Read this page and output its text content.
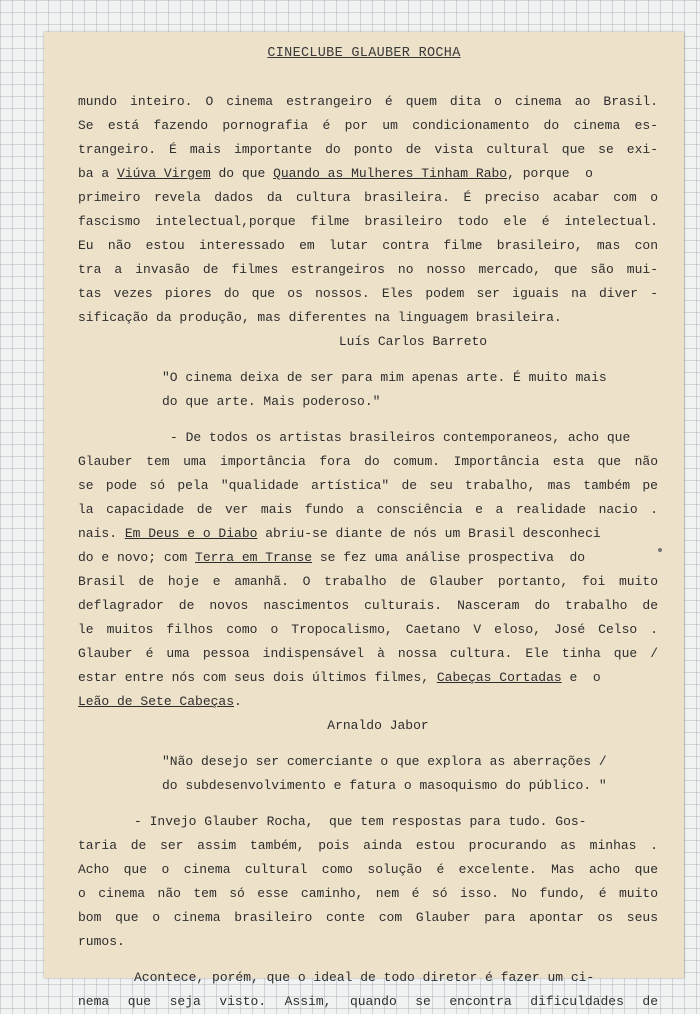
CINECLUBE GLAUBER ROCHA
mundo inteiro. O cinema estrangeiro é quem dita o cinema ao Brasil.
Se está fazendo pornografia é por um condicionamento do cinema es-
trangeiro. É mais importante do ponto de vista cultural que se exi-
ba a Viúva Virgem do que Quando as Mulheres Tinham Rabo, porque  o
primeiro revela dados da cultura brasileira. É preciso acabar com o
fascismo intelectual,porque filme brasileiro todo ele é intelectual.
Eu não estou interessado em lutar contra filme brasileiro, mas con
tra a invasão de filmes estrangeiros no nosso mercado, que são mui-
tas vezes piores do que os nossos. Eles podem ser iguais na diver -
sificação da produção, mas diferentes na linguagem brasileira.
Luís Carlos Barreto
"O cinema deixa de ser para mim apenas arte. É muito mais
do que arte. Mais poderoso."
- De todos os artistas brasileiros contemporaneos, acho que
Glauber tem uma importância fora do comum. Importância esta que não
se pode só pela "qualidade artística" de seu trabalho, mas também pe
la capacidade de ver mais fundo a consciência e a realidade nacio .
nais. Em Deus e o Diabo abriu-se diante de nós um Brasil desconheci
do e novo; com Terra em Transe se fez uma análise prospectiva  do
Brasil de hoje e amanhã. O trabalho de Glauber portanto, foi muito
deflagrador de novos nascimentos culturais. Nasceram do trabalho de
le muitos filhos como o Tropocalismo, Caetano V eloso, José Celso .
Glauber é uma pessoa indispensável à nossa cultura. Ele tinha que /
estar entre nós com seus dois últimos filmes, Cabeças Cortadas e  o
Leão de Sete Cabeças.
Arnaldo Jabor
"Não desejo ser comerciante o que explora as aberrações /
do subdesenvolvimento e fatura o masoquismo do público. "
- Invejo Glauber Rocha,  que tem respostas para tudo. Gos-
taria de ser assim também, pois ainda estou procurando as minhas .
Acho que o cinema cultural como solução é excelente. Mas acho que
o cinema não tem só esse caminho, nem é só isso. No fundo, é muito
bom que o cinema brasileiro conte com Glauber para apontar os seus
rumos.
Acontece, porém, que o ideal de todo diretor é fazer um ci-
nema que seja visto. Assim, quando se encontra dificuldades de
